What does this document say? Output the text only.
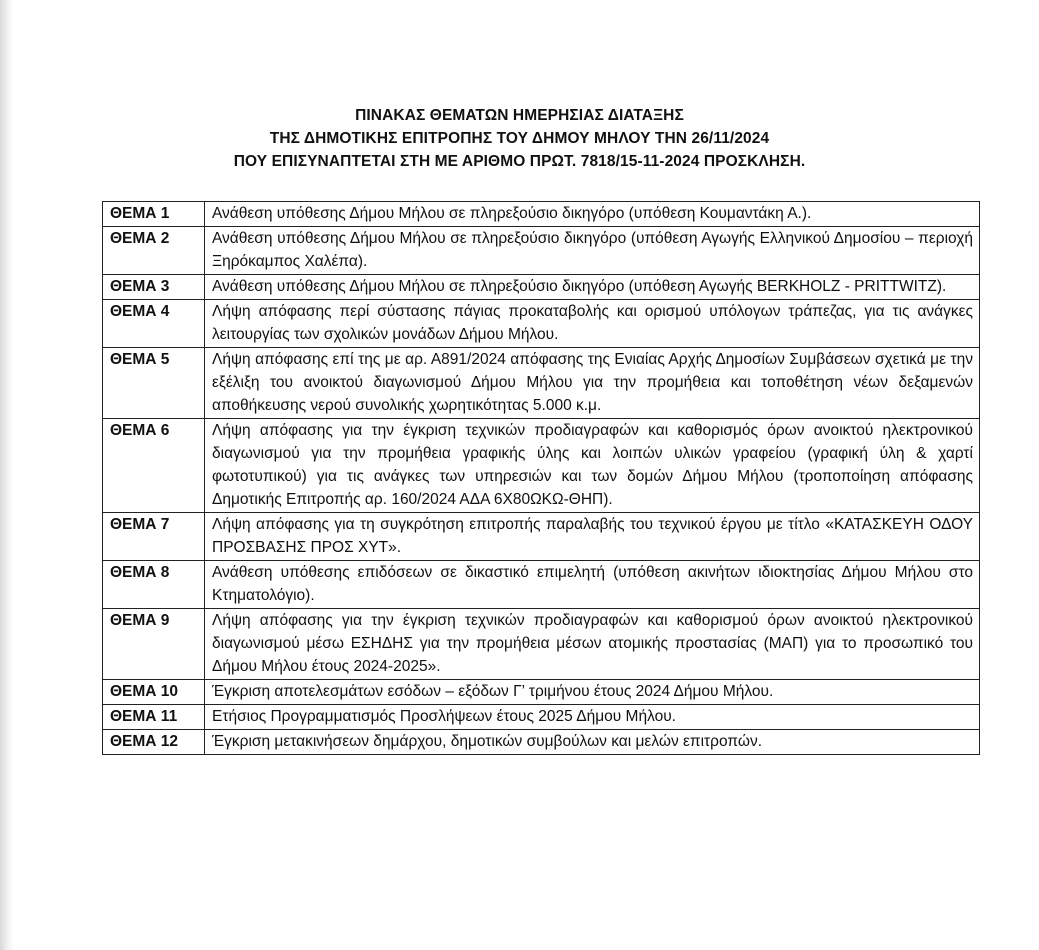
ΠΙΝΑΚΑΣ ΘΕΜΑΤΩΝ ΗΜΕΡΗΣΙΑΣ ΔΙΑΤΑΞΗΣ
ΤΗΣ ΔΗΜΟΤΙΚΗΣ ΕΠΙΤΡΟΠΗΣ ΤΟΥ ΔΗΜΟΥ ΜΗΛΟΥ ΤΗΝ 26/11/2024
ΠΟΥ ΕΠΙΣΥΝΑΠΤΕΤΑΙ ΣΤΗ ΜΕ ΑΡΙΘΜΟ ΠΡΩΤ. 7818/15-11-2024 ΠΡΟΣΚΛΗΣΗ.
ΘΕΜΑ 1	Ανάθεση υπόθεσης Δήμου Μήλου σε πληρεξούσιο δικηγόρο (υπόθεση Κουμαντάκη Α.).
ΘΕΜΑ 2	Ανάθεση υπόθεσης Δήμου Μήλου σε πληρεξούσιο δικηγόρο (υπόθεση Αγωγής Ελληνικού Δημοσίου – περιοχή Ξηρόκαμπος Χαλέπα).
ΘΕΜΑ 3	Ανάθεση υπόθεσης Δήμου Μήλου σε πληρεξούσιο δικηγόρο (υπόθεση Αγωγής BERKHOLZ - PRITTWITZ).
ΘΕΜΑ 4	Λήψη απόφασης περί σύστασης πάγιας προκαταβολής και ορισμού υπόλογων τράπεζας, για τις ανάγκες λειτουργίας των σχολικών μονάδων Δήμου Μήλου.
ΘΕΜΑ 5	Λήψη απόφασης επί της με αρ. Α891/2024 απόφασης της Ενιαίας Αρχής Δημοσίων Συμβάσεων σχετικά με την εξέλιξη του ανοικτού διαγωνισμού Δήμου Μήλου για την προμήθεια και τοποθέτηση νέων δεξαμενών αποθήκευσης νερού συνολικής χωρητικότητας 5.000 κ.μ.
ΘΕΜΑ 6	Λήψη απόφασης για την έγκριση τεχνικών προδιαγραφών και καθορισμός όρων ανοικτού ηλεκτρονικού διαγωνισμού για την προμήθεια γραφικής ύλης και λοιπών υλικών γραφείου (γραφική ύλη & χαρτί φωτοτυπικού) για τις ανάγκες των υπηρεσιών και των δομών Δήμου Μήλου (τροποποίηση απόφασης Δημοτικής Επιτροπής αρ. 160/2024 ΑΔΑ 6Χ80ΩΚΩ-ΘΗΠ).
ΘΕΜΑ 7	Λήψη απόφασης για τη συγκρότηση επιτροπής παραλαβής του τεχνικού έργου με τίτλο «ΚΑΤΑΣΚΕΥΗ ΟΔΟΥ ΠΡΟΣΒΑΣΗΣ ΠΡΟΣ ΧΥΤ».
ΘΕΜΑ 8	Ανάθεση υπόθεσης επιδόσεων σε δικαστικό επιμελητή (υπόθεση ακινήτων ιδιοκτησίας Δήμου Μήλου στο Κτηματολόγιο).
ΘΕΜΑ 9	Λήψη απόφασης για την έγκριση τεχνικών προδιαγραφών και καθορισμού όρων ανοικτού ηλεκτρονικού διαγωνισμού μέσω ΕΣΗΔΗΣ για την προμήθεια μέσων ατομικής προστασίας (ΜΑΠ) για το προσωπικό του Δήμου Μήλου έτους 2024-2025».
ΘΕΜΑ 10	Έγκριση αποτελεσμάτων εσόδων – εξόδων Γ’ τριμήνου έτους 2024 Δήμου Μήλου.
ΘΕΜΑ 11	Ετήσιος Προγραμματισμός Προσλήψεων έτους 2025 Δήμου Μήλου.
ΘΕΜΑ 12	Έγκριση μετακινήσεων δημάρχου, δημοτικών συμβούλων και μελών επιτροπών.
